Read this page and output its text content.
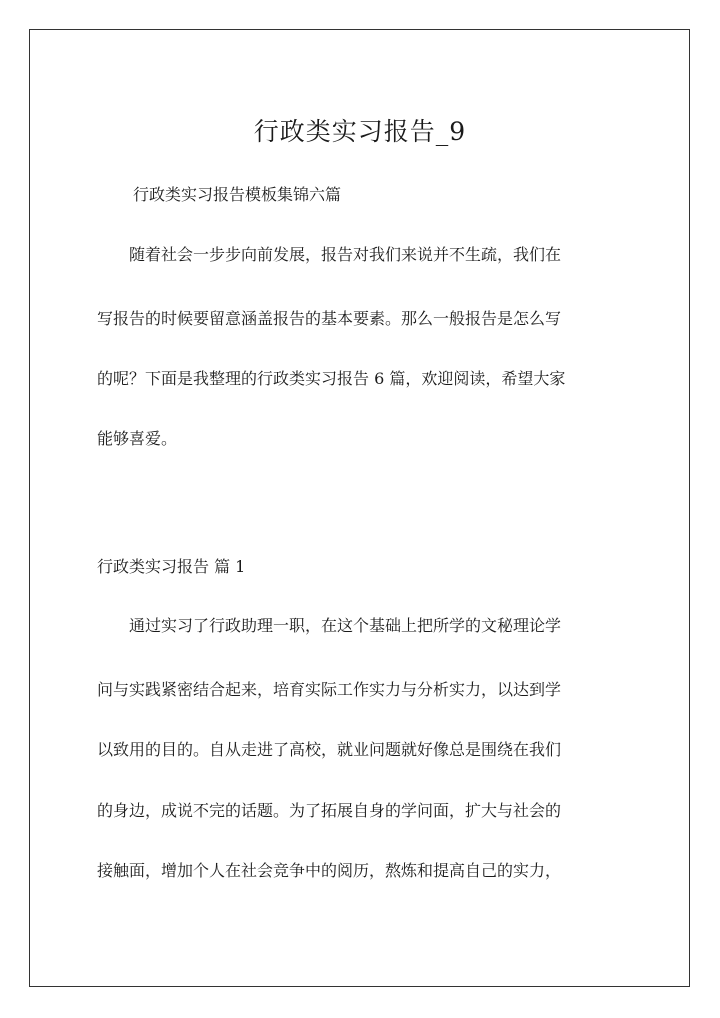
行政类实习报告_9

行政类实习报告模板集锦六篇

随着社会一步步向前发展，报告对我们来说并不生疏，我们在

写报告的时候要留意涵盖报告的基本要素。那么一般报告是怎么写

的呢？下面是我整理的行政类实习报告 6 篇，欢迎阅读，希望大家

能够喜爱。

行政类实习报告 篇 1

通过实习了行政助理一职，在这个基础上把所学的文秘理论学

问与实践紧密结合起来，培育实际工作实力与分析实力，以达到学

以致用的目的。自从走进了高校，就业问题就好像总是围绕在我们

的身边，成说不完的话题。为了拓展自身的学问面，扩大与社会的

接触面，增加个人在社会竞争中的阅历，熬炼和提高自己的实力，
